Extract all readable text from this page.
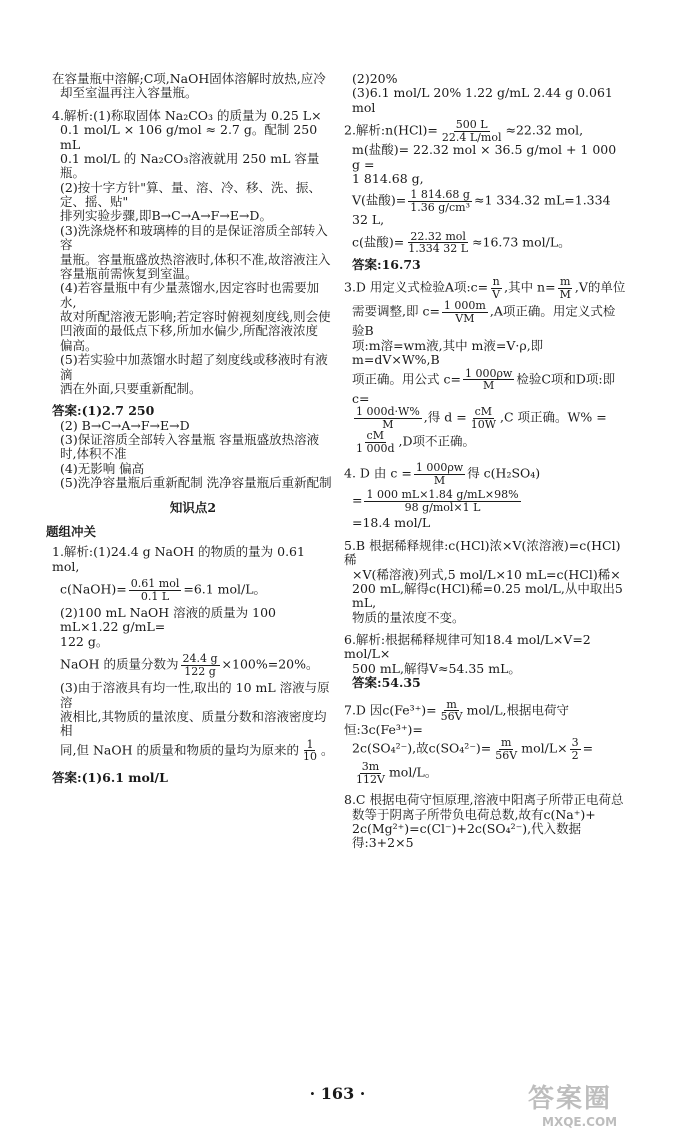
在容量瓶中溶解;C项,NaOH固体溶解时放热,应冷

却至室温再注入容量瓶。

4.解析:(1)称取固体 Na₂CO₃ 的质量为 0.25 L×

0.1 mol/L × 106 g/mol ≈ 2.7 g。配制 250 mL

0.1 mol/L 的 Na₂CO₃溶液就用 250 mL 容量瓶。

(2)按十字方针"算、量、溶、冷、移、洗、振、定、摇、贴"

排列实验步骤,即B→C→A→F→E→D。

(3)洗涤烧杯和玻璃棒的目的是保证溶质全部转入容

量瓶。容量瓶盛放热溶液时,体积不准,故溶液注入

容量瓶前需恢复到室温。

(4)若容量瓶中有少量蒸馏水,因定容时也需要加水,

故对所配溶液无影响;若定容时俯视刻度线,则会使

凹液面的最低点下移,所加水偏少,所配溶液浓度

偏高。

(5)若实验中加蒸馏水时超了刻度线或移液时有液滴

洒在外面,只要重新配制。

答案:(1)2.7 250

(2) B→C→A→F→E→D

(3)保证溶质全部转入容量瓶 容量瓶盛放热溶液

时,体积不准

(4)无影响 偏高

(5)洗净容量瓶后重新配制 洗净容量瓶后重新配制

知识点2

题组冲关

1.解析:(1)24.4 g NaOH 的物质的量为 0.61 mol,

c(NaOH)= $\frac{\text{0.61 mol}}{0.1 L} =6.1$ mol/L。

(2)100 mL NaOH 溶液的质量为 100 mL×1.22 g/mL=

122 g。

NaOH 的质量分数为 $\frac{24.4 g}{122 g} \times 100\%=20\%$。

(3)由于溶液具有均一性,取出的 10 mL 溶液与原溶

液相比,其物质的量浓度、质量分数和溶液密度均相

同,但 NaOH 的质量和物质的量均为原来的 $\frac{1}{10}$ 。

答案:(1)6.1 mol/L

(2)20%

(3)6.1 mol/L 20% 1.22 g/mL 2.44 g 0.061 mol

2.解析:n(HCl)= $\frac{500 L}{\text{22.4 L/mol}} \approx 22.32$ mol,

m(盐酸)= 22.32 mol × 36.5 g/mol + 1 000 g =

1 814.68 g,

V(盐酸)= $\frac{1 814.68 g}{\text{1.36 g/cm³}} \approx 1$ 334.32 mL=1.334 32 L,

c(盐酸)= $\frac{\text{22.32 mol}}{1.334 32 L} \approx 16.73$ mol/L。

答案:16.73

3.D 用定义式检验A项:c= $\frac{n}{V}$ ,其中 $n= \frac{m}{M} ,V$的单位

需要调整,即 $c= \frac{1 000m}{VM} ,A$项正确。用定义式检验B

项:m溶=wm液,其中 m液=V·ρ,即 m=dV×W%,B

项正确。用公式 $c= \frac{1 000\rho w}{M}$ 检验C项和D项:即 c=

$\frac{1 000d\cdot W\%}{M}$ ,得 $d = \frac{cM}{10W} ,C$ 项正确。W% =

$\frac{cM}{1 000d} ,D$项不正确。

4. D 由 $c = \frac{1 000\rho w}{M}$ 得 c(H₂SO₄)

= $\frac{1 000 mL\times 1.84 g/mL\times 98\%}{\text{98 g/mol×1 L}}$

=18.4 mol/L

5.B 根据稀释规律:c(HCl)浓×V(浓溶液)=c(HCl)稀

×V(稀溶液)列式,5 mol/L×10 mL=c(HCl)稀×

200 mL,解得c(HCl)稀=0.25 mol/L,从中取出5 mL,

物质的量浓度不变。

6.解析:根据稀释规律可知18.4 mol/L×V=2 mol/L×

500 mL,解得V≈54.35 mL。

答案:54.35

7.D 因$c(Fe^{3+})= \frac{m}{56V} mol/L$,根据电荷守恒:3c(Fe³⁺)=

2c(SO₄²⁻),故$c(SO_4^{2-})= \frac{m}{56V} mol/L\times \frac{3}{2}$ =
$\frac{3m}{112V} mol/L$。

8.C 根据电荷守恒原理,溶液中阳离子所带正电荷总

数等于阴离子所带负电荷总数,故有c(Na⁺)+

2c(Mg²⁺)=c(Cl⁻)+2c(SO₄²⁻),代入数据得:3+2×5

· 163 ·	答案圈
MXQE.COM
